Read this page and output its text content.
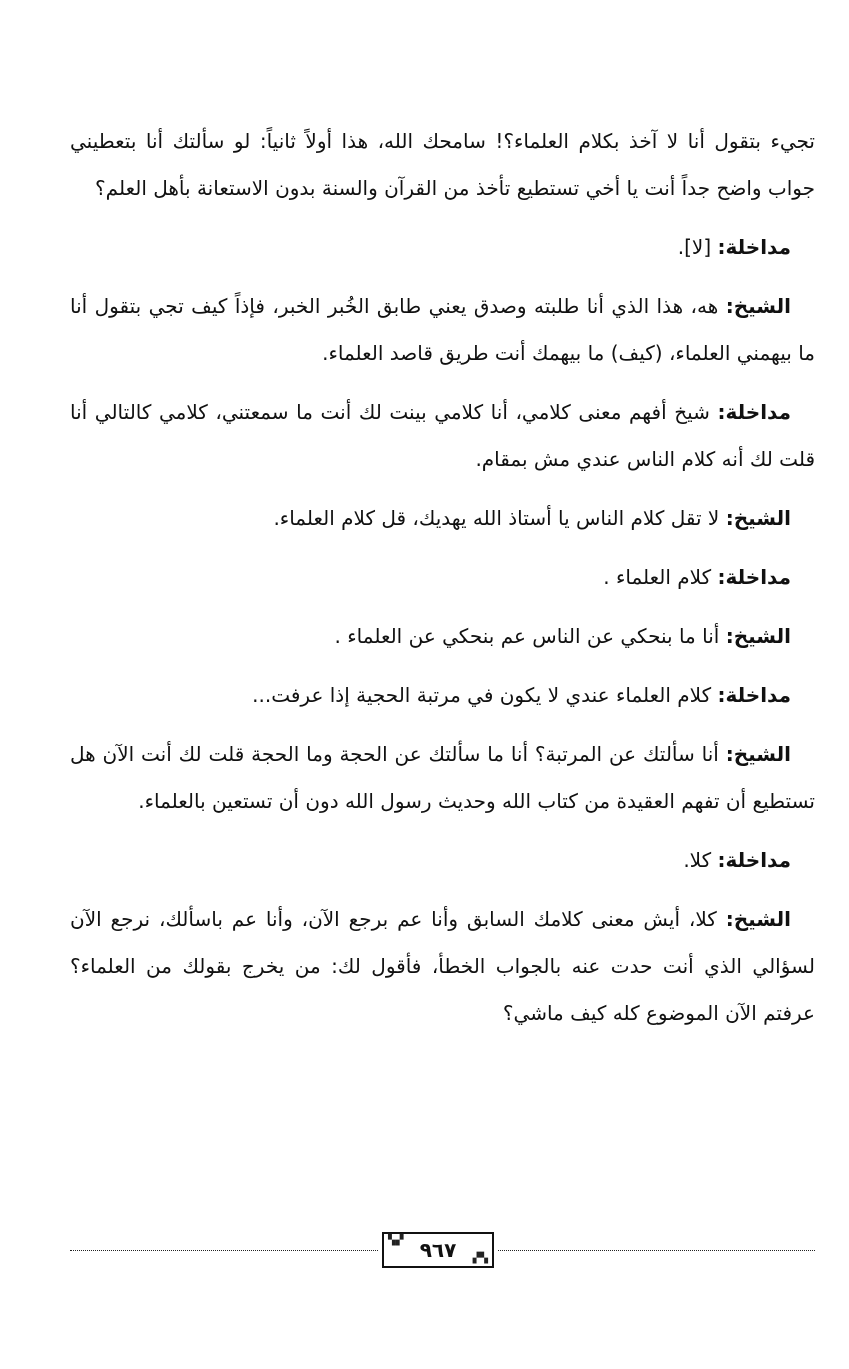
تجيء بتقول أنا لا آخذ بكلام العلماء؟! سامحك الله، هذا أولاً ثانياً: لو سألتك أنا بتعطيني جواب واضح جداً أنت يا أخي تستطيع تأخذ من القرآن والسنة بدون الاستعانة بأهل العلم؟

مداخلة: [لا].

الشيخ: هه، هذا الذي أنا طلبته وصدق يعني طابق الخُبر الخبر، فإذاً كيف تجي بتقول أنا ما بيهمني العلماء، (كيف) ما بيهمك أنت طريق قاصد العلماء.

مداخلة: شيخ أفهم معنى كلامي، أنا كلامي بينت لك أنت ما سمعتني، كلامي كالتالي أنا قلت لك أنه كلام الناس عندي مش بمقام.

الشيخ: لا تقل كلام الناس يا أستاذ الله يهديك، قل كلام العلماء.

مداخلة: كلام العلماء .

الشيخ: أنا ما بنحكي عن الناس عم بنحكي عن العلماء .

مداخلة: كلام العلماء عندي لا يكون في مرتبة الحجية إذا عرفت...

الشيخ: أنا سألتك عن المرتبة؟ أنا ما سألتك عن الحجة وما الحجة قلت لك أنت الآن هل تستطيع أن تفهم العقيدة من كتاب الله وحديث رسول الله دون أن تستعين بالعلماء.

مداخلة: كلا.

الشيخ: كلا، أيش معنى كلامك السابق وأنا عم برجع الآن، وأنا عم باسألك، نرجع الآن لسؤالي الذي أنت حدت عنه بالجواب الخطأ، فأقول لك: من يخرج بقولك من العلماء؟ عرفتم الآن الموضوع كله كيف ماشي؟

▚▞ ٩٦٧ ▞▚
